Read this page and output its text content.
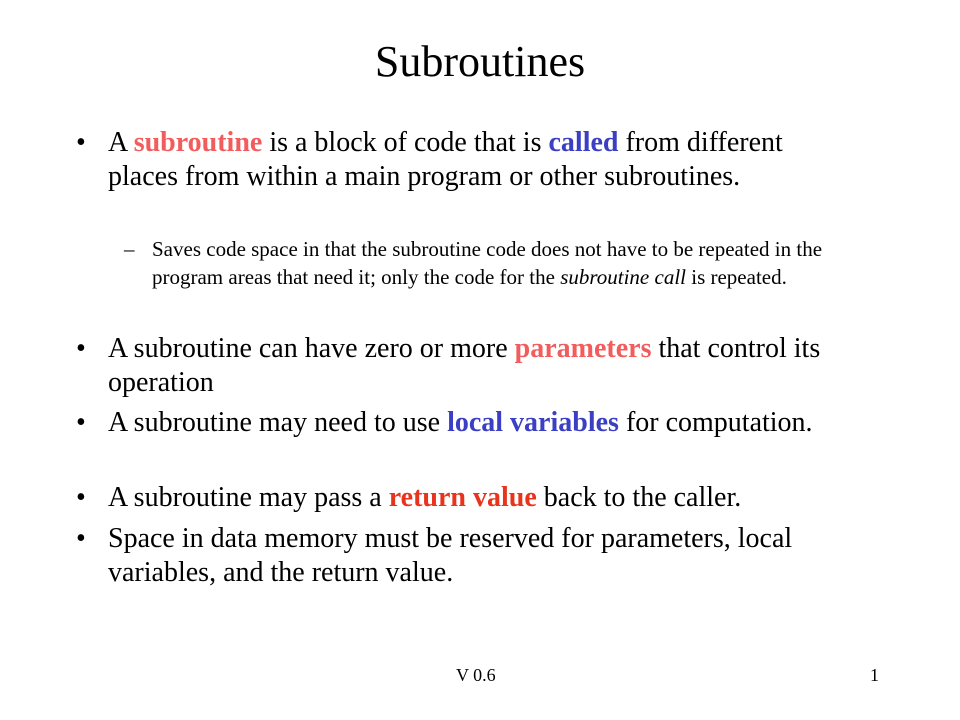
Subroutines
• A subroutine is a block of code that is called from different places from within a main program or other subroutines.
– Saves code space in that the subroutine code does not have to be repeated in the program areas that need it; only the code for the subroutine call is repeated.
• A subroutine can have zero or more parameters that control its operation
• A subroutine may need to use local variables for computation.
• A subroutine may pass a return value back to the caller.
• Space in data memory must be reserved for parameters, local variables, and the return value.
V 0.6	1
